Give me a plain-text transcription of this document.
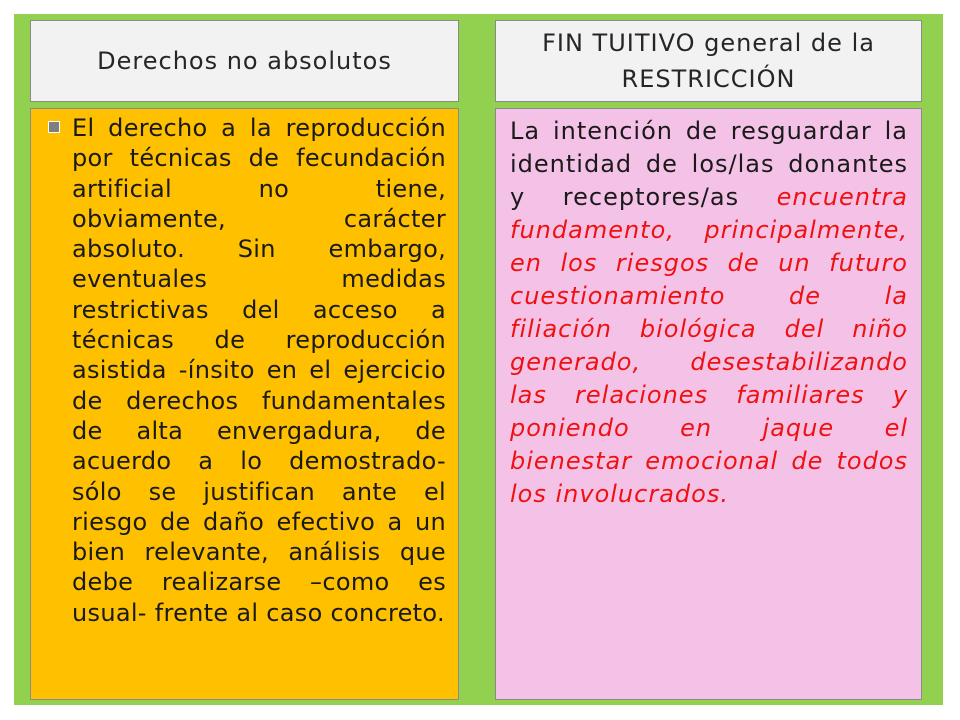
Derechos no absolutos
FIN TUITIVO general de la RESTRICCIÓN
El derecho a la reproducción por técnicas de fecundación artificial no tiene, obviamente, carácter absoluto. Sin embargo, eventuales medidas restrictivas del acceso a técnicas de reproducción asistida -ínsito en el ejercicio de derechos fundamentales de alta envergadura, de acuerdo a lo demostrado- sólo se justifican ante el riesgo de daño efectivo a un bien relevante, análisis que debe realizarse –como es usual- frente al caso concreto.
La intención de resguardar la identidad de los/las donantes y receptores/as encuentra fundamento, principalmente, en los riesgos de un futuro cuestionamiento de la filiación biológica del niño generado, desestabilizando las relaciones familiares y poniendo en jaque el bienestar emocional de todos los involucrados.
